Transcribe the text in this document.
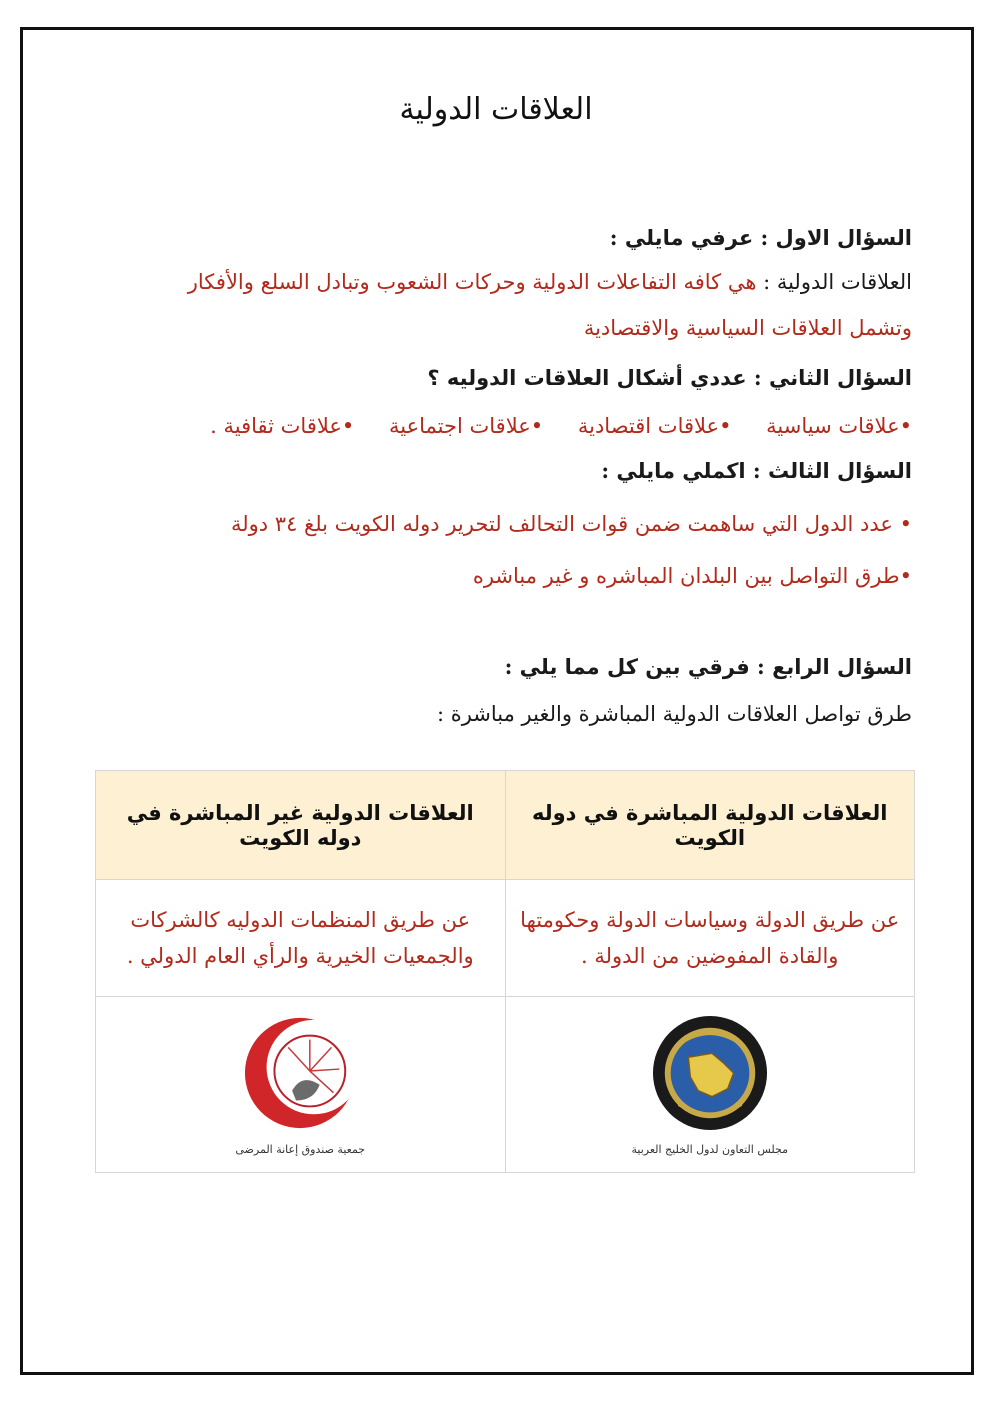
العلاقات الدولية
السؤال الاول : عرفي مايلي :
العلاقات الدولية : هي كافه التفاعلات الدولية وحركات الشعوب وتبادل السلع والأفكار
وتشمل العلاقات السياسية والاقتصادية
السؤال الثاني : عددي أشكال العلاقات الدوليه ؟
• علاقات سياسية • علاقات اقتصادية • علاقات اجتماعية • علاقات ثقافية .
السؤال الثالث : اكملي مايلي :
• عدد الدول التي ساهمت ضمن قوات التحالف لتحرير دوله الكويت بلغ ٣٤ دولة
•طرق التواصل بين البلدان المباشره و غير مباشره
السؤال الرابع : فرقي بين كل مما يلي :
طرق تواصل العلاقات الدولية المباشرة والغير مباشرة :
العلاقات الدولية المباشرة في دوله الكويت	العلاقات الدولية غير المباشرة في دوله الكويت
عن طريق الدولة وسياسات الدولة وحكومتها والقادة المفوضين من الدولة .	عن طريق المنظمات الدوليه كالشركات والجمعيات الخيرية والرأي العام الدولي .

مجلس التعاون لدول الخليج العربية	جمعية صندوق إعانة المرضى
